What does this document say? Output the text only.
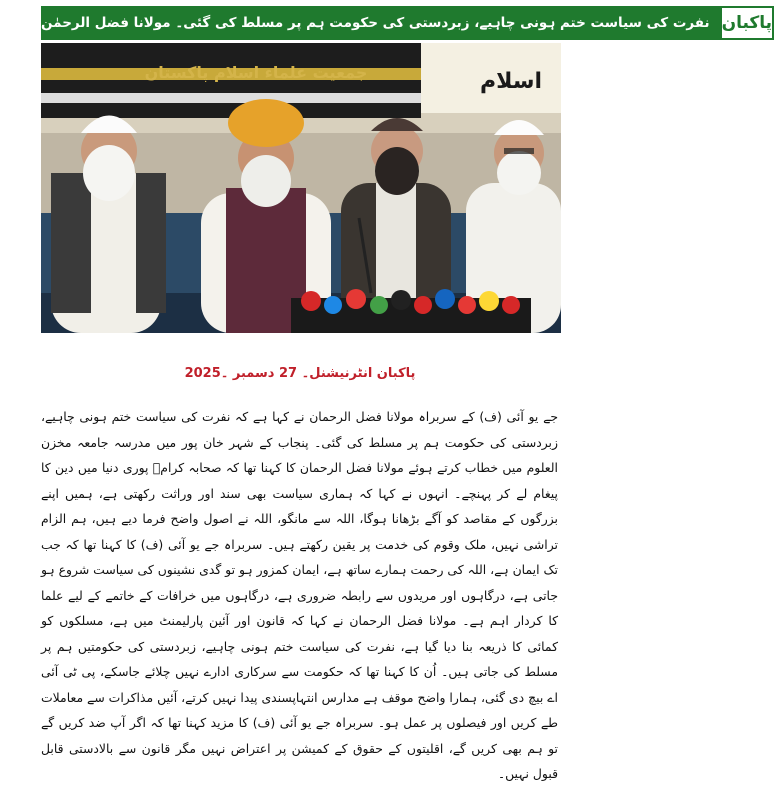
نفرت کی سیاست ختم ہونی چاہیے، زبردستی کی حکومت ہم پر مسلط کی گئی۔ مولانا فضل الرحمٰن پاکبان
جمعیت علماء اسلام پاکستان	اسلام
پاکبان انٹرنیشنل۔ 27 دسمبر ۔2025

جے یو آئی (ف) کے سربراہ مولانا فضل الرحمان نے کہا ہے کہ نفرت کی سیاست ختم ہونی چاہیے، زبردستی کی حکومت ہم پر مسلط کی گئی۔ پنجاب کے شہر خان پور میں مدرسہ جامعہ مخزن العلوم میں خطاب کرتے ہوئے مولانا فضل الرحمان کا کہنا تھا کہ صحابہ کرامؓ پوری دنیا میں دین کا پیغام لے کر پہنچے۔ انہوں نے کہا کہ ہماری سیاست بھی سند اور وراثت رکھتی ہے، ہمیں اپنے بزرگوں کے مقاصد کو آگے بڑھانا ہوگا، اللہ سے مانگو، اللہ نے اصول واضح فرما دیے ہیں، ہم الزام تراشی نہیں، ملک وقوم کی خدمت پر یقین رکھتے ہیں۔ سربراہ جے یو آئی (ف) کا کہنا تھا کہ جب تک ایمان ہے، اللہ کی رحمت ہمارے ساتھ ہے، ایمان کمزور ہو تو گدی نشینوں کی سیاست شروع ہو جاتی ہے، درگاہوں اور مریدوں سے رابطہ ضروری ہے، درگاہوں میں خرافات کے خاتمے کے لیے علما کا کردار اہم ہے۔ مولانا فضل الرحمان نے کہا کہ قانون اور آئین پارلیمنٹ میں ہے، مسلکوں کو کمائی کا ذریعہ بنا دیا گیا ہے، نفرت کی سیاست ختم ہونی چاہیے، زبردستی کی حکومتیں ہم پر مسلط کی جاتی ہیں۔ اُن کا کہنا تھا کہ حکومت سے سرکاری ادارے نہیں چلائے جاسکے، پی ٹی آئی اے بیچ دی گئی، ہمارا واضح موقف ہے مدارس انتہاپسندی پیدا نہیں کرتے، آئیں مذاکرات سے معاملات طے کریں اور فیصلوں پر عمل ہو۔ سربراہ جے یو آئی (ف) کا مزید کہنا تھا کہ اگر آپ ضد کریں گے تو ہم بھی کریں گے، اقلیتوں کے حقوق کے کمیشن پر اعتراض نہیں مگر قانون سے بالادستی قابل قبول نہیں۔
